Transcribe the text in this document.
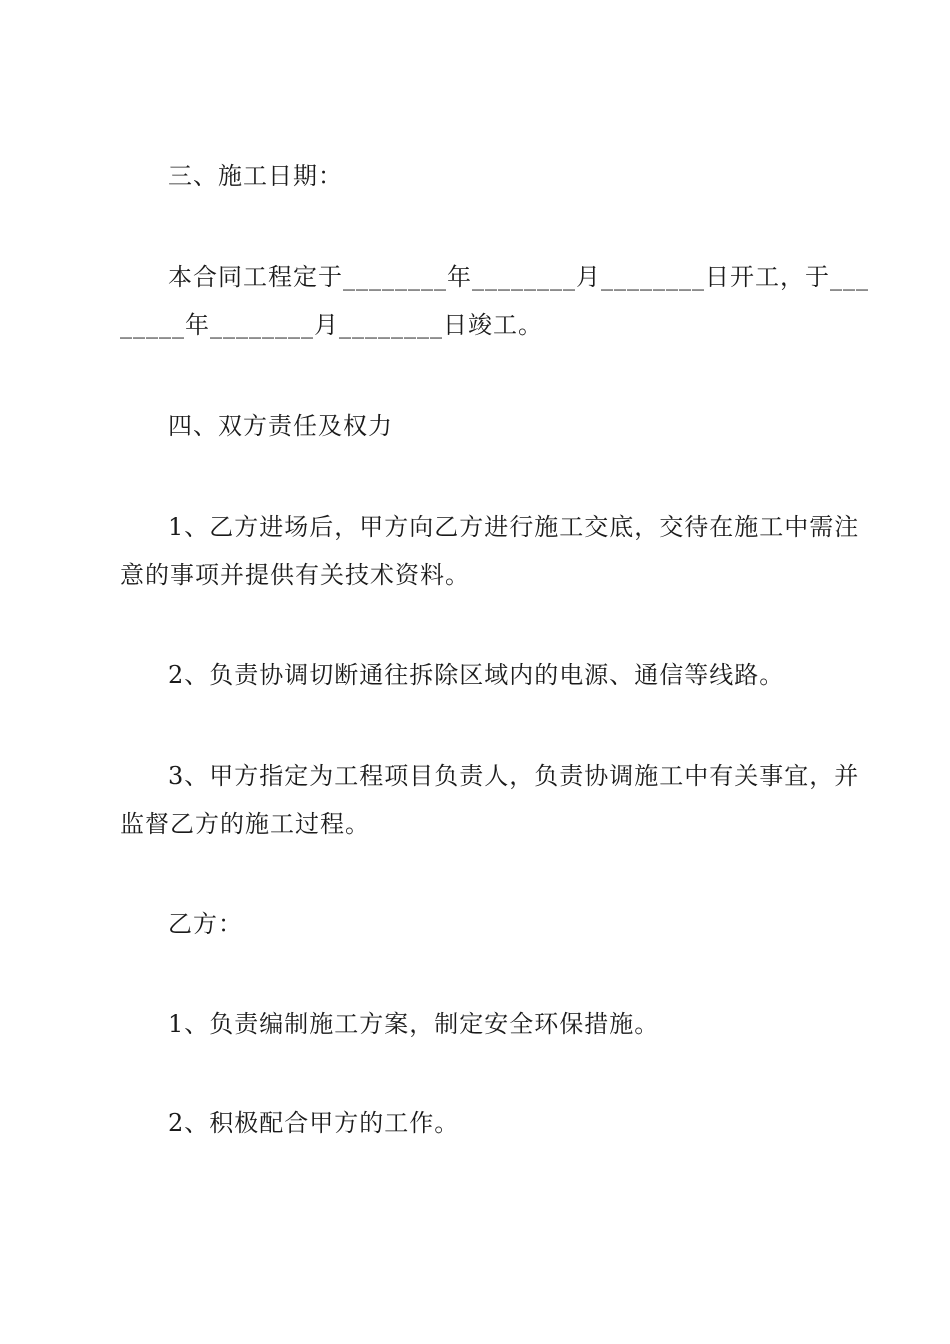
三、施工日期：
本合同工程定于________年________月________日开工，于___
_____年________月________日竣工。
四、双方责任及权力
1、乙方进场后，甲方向乙方进行施工交底，交待在施工中需注
意的事项并提供有关技术资料。
2、负责协调切断通往拆除区域内的电源、通信等线路。
3、甲方指定为工程项目负责人，负责协调施工中有关事宜，并
监督乙方的施工过程。
乙方：
1、负责编制施工方案，制定安全环保措施。
2、积极配合甲方的工作。
